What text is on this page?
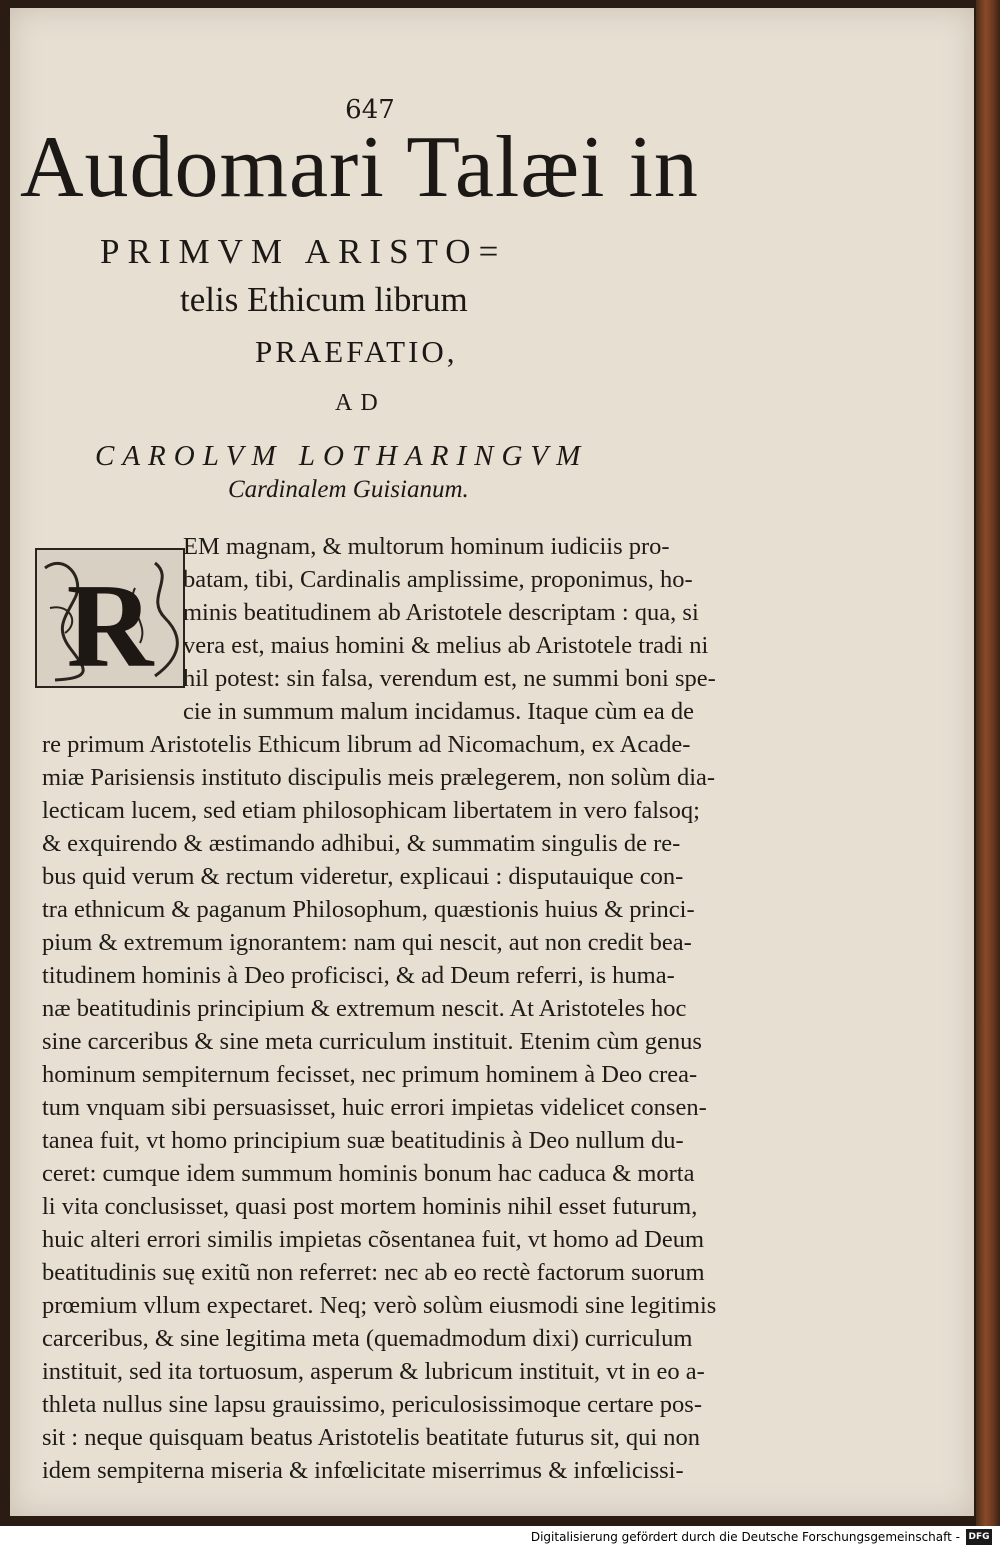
647
Audomari Talæi in
PRIMVM ARISTO=
telis Ethicum librum
PRAEFATIO,
AD
CAROLVM LOTHARINGVM
Cardinalem Guisianum.
R
EM magnam, & multorum hominum iudiciis pro-
batam, tibi, Cardinalis amplissime, proponimus, ho-
minis beatitudinem ab Aristotele descriptam : qua, si
vera est, maius homini & melius ab Aristotele tradi ni
hil potest: sin falsa, verendum est, ne summi boni spe-
cie in summum malum incidamus. Itaque cùm ea de
re primum Aristotelis Ethicum librum ad Nicomachum, ex Acade-
miæ Parisiensis instituto discipulis meis prælegerem, non solùm dia-
lecticam lucem, sed etiam philosophicam libertatem in vero falsoq;
& exquirendo & æstimando adhibui, & summatim singulis de re-
bus quid verum & rectum videretur, explicaui : disputauique con-
tra ethnicum & paganum Philosophum, quæstionis huius & princi-
pium & extremum ignorantem: nam qui nescit, aut non credit bea-
titudinem hominis à Deo proficisci, & ad Deum referri, is huma-
næ beatitudinis principium & extremum nescit. At Aristoteles hoc
sine carceribus & sine meta curriculum instituit. Etenim cùm genus
hominum sempiternum fecisset, nec primum hominem à Deo crea-
tum vnquam sibi persuasisset, huic errori impietas videlicet consen-
tanea fuit, vt homo principium suæ beatitudinis à Deo nullum du-
ceret: cumque idem summum hominis bonum hac caduca & morta
li vita conclusisset, quasi post mortem hominis nihil esset futurum,
huic alteri errori similis impietas cõsentanea fuit, vt homo ad Deum
beatitudinis suę exitũ non referret: nec ab eo rectè factorum suorum
prœmium vllum expectaret. Neq; verò solùm eiusmodi sine legitimis
carceribus, & sine legitima meta (quemadmodum dixi) curriculum
instituit, sed ita tortuosum, asperum & lubricum instituit, vt in eo a-
thleta nullus sine lapsu grauissimo, periculosissimoque certare pos-
sit : neque quisquam beatus Aristotelis beatitate futurus sit, qui non
idem sempiterna miseria & infœlicitate miserrimus & infœlicissi-
Digitalisierung gefördert durch die Deutsche Forschungsgemeinschaft - DFG
